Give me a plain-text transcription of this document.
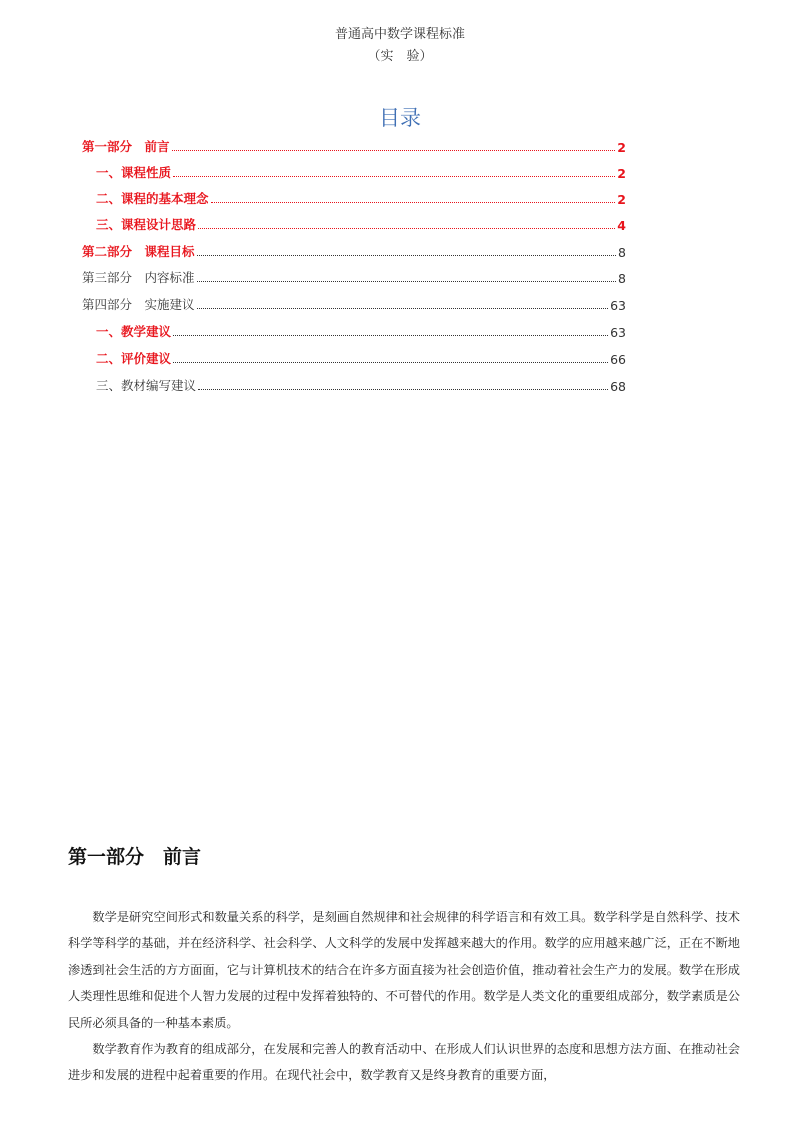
普通高中数学课程标准
（实　验）
目录
第一部分　前言	2
一、课程性质	2
二、课程的基本理念	2
三、课程设计思路	4
第二部分　课程目标	8
第三部分　内容标准	8
第四部分　实施建议	63
一、教学建议	63
二、评价建议	66
三、教材编写建议	68
第一部分　前言

数学是研究空间形式和数量关系的科学，是刻画自然规律和社会规律的科学语言和有效工具。数学科学是自然科学、技术科学等科学的基础，并在经济科学、社会科学、人文科学的发展中发挥越来越大的作用。数学的应用越来越广泛，正在不断地渗透到社会生活的方方面面，它与计算机技术的结合在许多方面直接为社会创造价值，推动着社会生产力的发展。数学在形成人类理性思维和促进个人智力发展的过程中发挥着独特的、不可替代的作用。数学是人类文化的重要组成部分，数学素质是公民所必须具备的一种基本素质。

数学教育作为教育的组成部分，在发展和完善人的教育活动中、在形成人们认识世界的态度和思想方法方面、在推动社会进步和发展的进程中起着重要的作用。在现代社会中，数学教育又是终身教育的重要方面，
